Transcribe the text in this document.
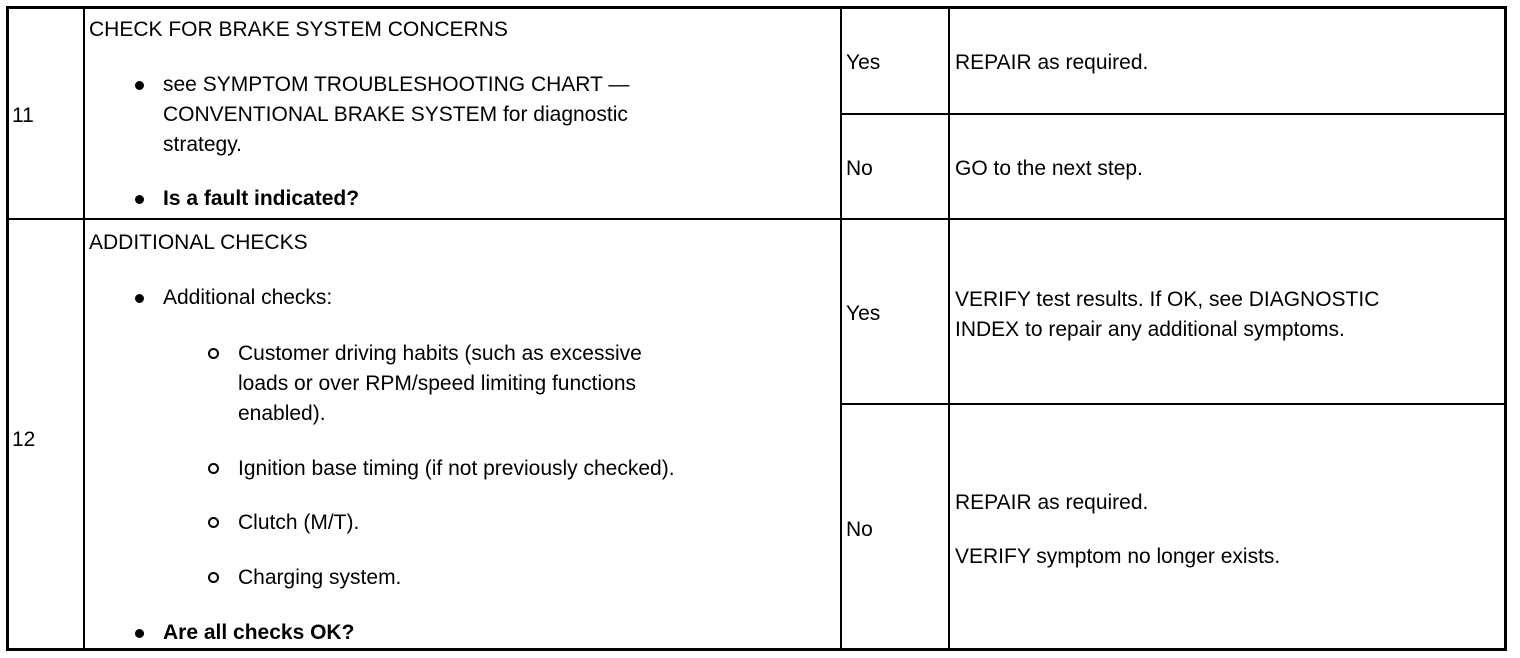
11
CHECK FOR BRAKE SYSTEM CONCERNS
see SYMPTOM TROUBLESHOOTING CHART —
CONVENTIONAL BRAKE SYSTEM for diagnostic
strategy.
Is a fault indicated?
Yes	REPAIR as required.
No	GO to the next step.
12
ADDITIONAL CHECKS
Additional checks:
Customer driving habits (such as excessive
loads or over RPM/speed limiting functions
enabled).
Ignition base timing (if not previously checked).
Clutch (M/T).
Charging system.
Are all checks OK?
Yes
VERIFY test results. If OK, see DIAGNOSTIC
INDEX to repair any additional symptoms.
No
REPAIR as required.
VERIFY symptom no longer exists.
